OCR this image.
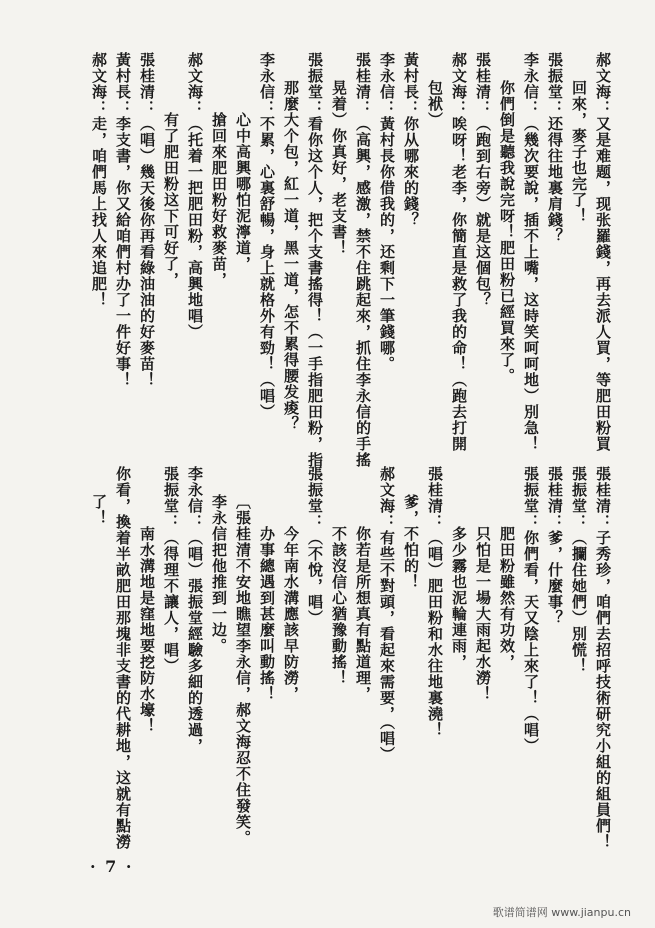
郝文海：又是难题，现张羅錢，再去派人買，等肥田粉買
回來，麥子也完了！
張振堂：还得往地裏肩錢？
李永信：（幾次要說，插不上嘴，这時笑呵呵地）別急！
你們倒是聽我說完呀！肥田粉已經買來了。
張桂清：（跑到右旁）就是这個包？
郝文海：唉呀！老李，你簡直是救了我的命！（跑去打開
包袱）
黃村長：你从哪來的錢？
李永信：黃村長你借我的，还剩下一筆錢哪。
張桂清：（高興，感激，禁不住跳起來，抓住李永信的手搖
晃着）你真好，老支書！
張振堂：看你这个人，把个支書搖得！（一手指肥田粉，指
那麼大个包，紅一道，黑一道，怎不累得腰发痠？
李永信：不累，心裏舒暢，身上就格外有勁！（唱）
心中高興哪怕泥濘道，
搶回來肥田粉好救麥苗，
郝文海：（托着一把肥田粉，高興地唱）
有了肥田粉这下可好了，
張桂清：（唱）幾天後你再看綠油油的好麥苗！
黃村長：李支書，你又給咱們村办了一件好事！
郝文海：走，咱們馬上找人來追肥！
張桂清：子秀珍，咱們去招呼技術研究小組的組員們！
張振堂：（攔住她們）別慌！
張桂清：爹，什麼事？
張振堂：你們看，天又陰上來了！（唱）
肥田粉雖然有功效，
只怕是一場大雨起水澇！
多少霧也泥輪連雨，
張桂清：（唱）肥田粉和水往地裏澆！
爹，不怕的！
郝文海：有些不對頭，看起來需要，（唱）
你若是所想真有點道理，
不該沒信心猶豫動搖！
張振堂：（不悅，唱）
今年南水溝應該早防澇，
办事總遇到甚麼叫動搖！
〔張桂清不安地瞧望李永信，郝文海忍不住發笑。
李永信把他推到一边。
李永信：（唱）張振堂經驗多細的透過，
張振堂：（得理不讓人，唱）
南水溝地是窪地要挖防水壕！
你看，換着半畝肥田那塊非支書的代耕地，这就有點澇
了！
· 7 ·
歌谱简谱网 www.jianpu.cn
